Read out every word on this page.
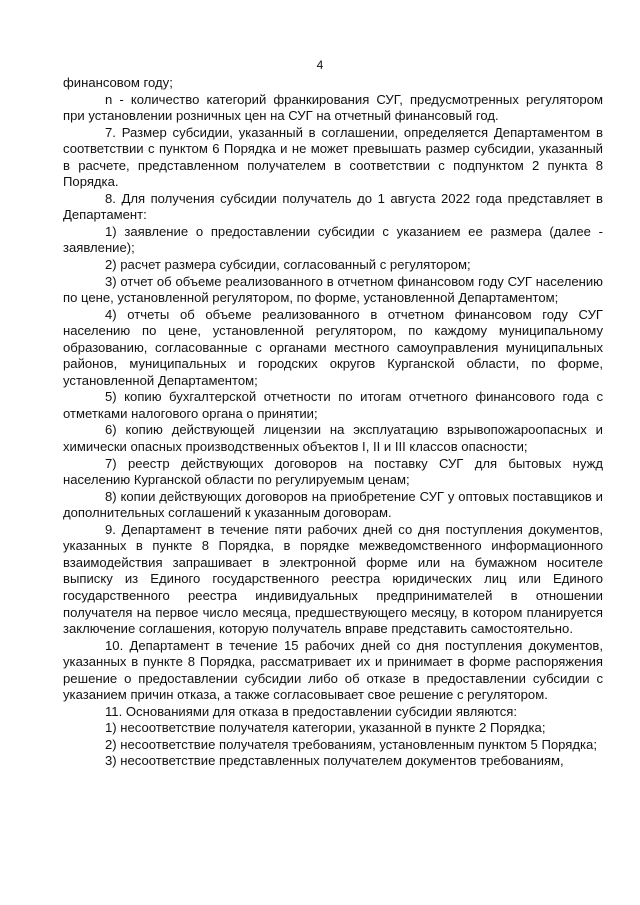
4

финансовом году;

n - количество категорий франкирования СУГ, предусмотренных регулятором при установлении розничных цен на СУГ на отчетный финансовый год.

7. Размер субсидии, указанный в соглашении, определяется Департаментом в соответствии с пунктом 6 Порядка и не может превышать размер субсидии, указанный в расчете, представленном получателем в соответствии с подпунктом 2 пункта 8 Порядка.

8. Для получения субсидии получатель до 1 августа 2022 года представляет в Департамент:

1) заявление о предоставлении субсидии с указанием ее размера (далее - заявление);

2) расчет размера субсидии, согласованный с регулятором;

3) отчет об объеме реализованного в отчетном финансовом году СУГ населению по цене, установленной регулятором, по форме, установленной Департаментом;

4) отчеты об объеме реализованного в отчетном финансовом году СУГ населению по цене, установленной регулятором, по каждому муниципальному образованию, согласованные с органами местного самоуправления муниципальных районов, муниципальных и городских округов Курганской области, по форме, установленной Департаментом;

5) копию бухгалтерской отчетности по итогам отчетного финансового года с отметками налогового органа о принятии;

6) копию действующей лицензии на эксплуатацию взрывопожароопасных и химически опасных производственных объектов I, II и III классов опасности;

7) реестр действующих договоров на поставку СУГ для бытовых нужд населению Курганской области по регулируемым ценам;

8) копии действующих договоров на приобретение СУГ у оптовых поставщиков и дополнительных соглашений к указанным договорам.

9. Департамент в течение пяти рабочих дней со дня поступления документов, указанных в пункте 8 Порядка, в порядке межведомственного информационного взаимодействия запрашивает в электронной форме или на бумажном носителе выписку из Единого государственного реестра юридических лиц или Единого государственного реестра индивидуальных предпринимателей в отношении получателя на первое число месяца, предшествующего месяцу, в котором планируется заключение соглашения, которую получатель вправе представить самостоятельно.

10. Департамент в течение 15 рабочих дней со дня поступления документов, указанных в пункте 8 Порядка, рассматривает их и принимает в форме распоряжения решение о предоставлении субсидии либо об отказе в предоставлении субсидии с указанием причин отказа, а также согласовывает свое решение с регулятором.

11. Основаниями для отказа в предоставлении субсидии являются:

1) несоответствие получателя категории, указанной в пункте 2 Порядка;

2) несоответствие получателя требованиям, установленным пунктом 5 Порядка;

3) несоответствие представленных получателем документов требованиям,
